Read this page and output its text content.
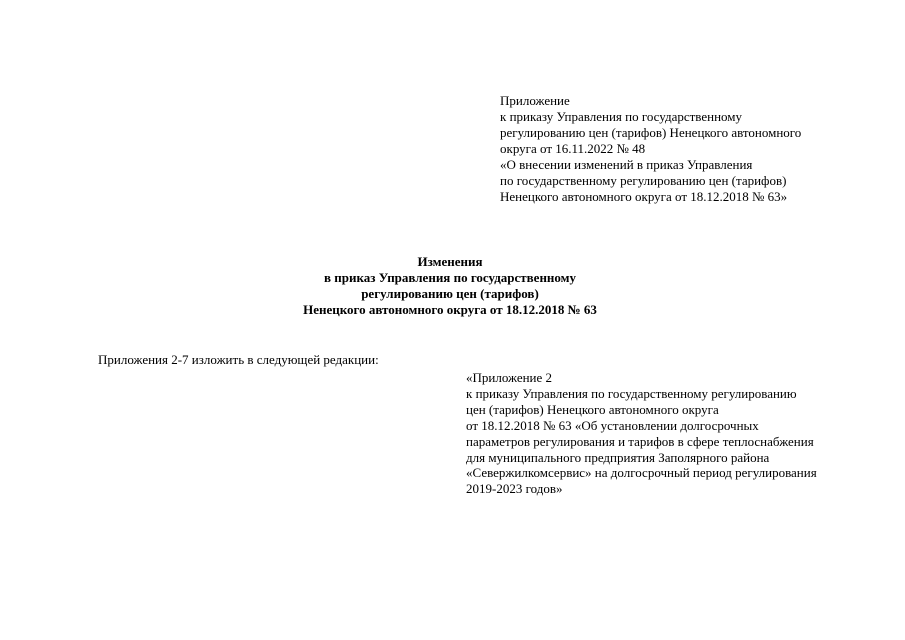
Приложение
к приказу Управления по государственному
регулированию цен (тарифов) Ненецкого автономного
округа от 16.11.2022 № 48
«О внесении изменений в приказ Управления
по государственному регулированию цен (тарифов)
Ненецкого автономного округа от 18.12.2018 № 63»
Изменения
в приказ Управления по государственному
регулированию цен (тарифов)
Ненецкого автономного округа от 18.12.2018 № 63

Приложения 2-7 изложить в следующей редакции:

«Приложение 2
к приказу Управления по государственному регулированию
цен (тарифов) Ненецкого автономного округа
от 18.12.2018 № 63 «Об установлении долгосрочных
параметров регулирования и тарифов в сфере теплоснабжения
для муниципального предприятия Заполярного района
«Севержилкомсервис» на долгосрочный период регулирования
2019-2023 годов»
